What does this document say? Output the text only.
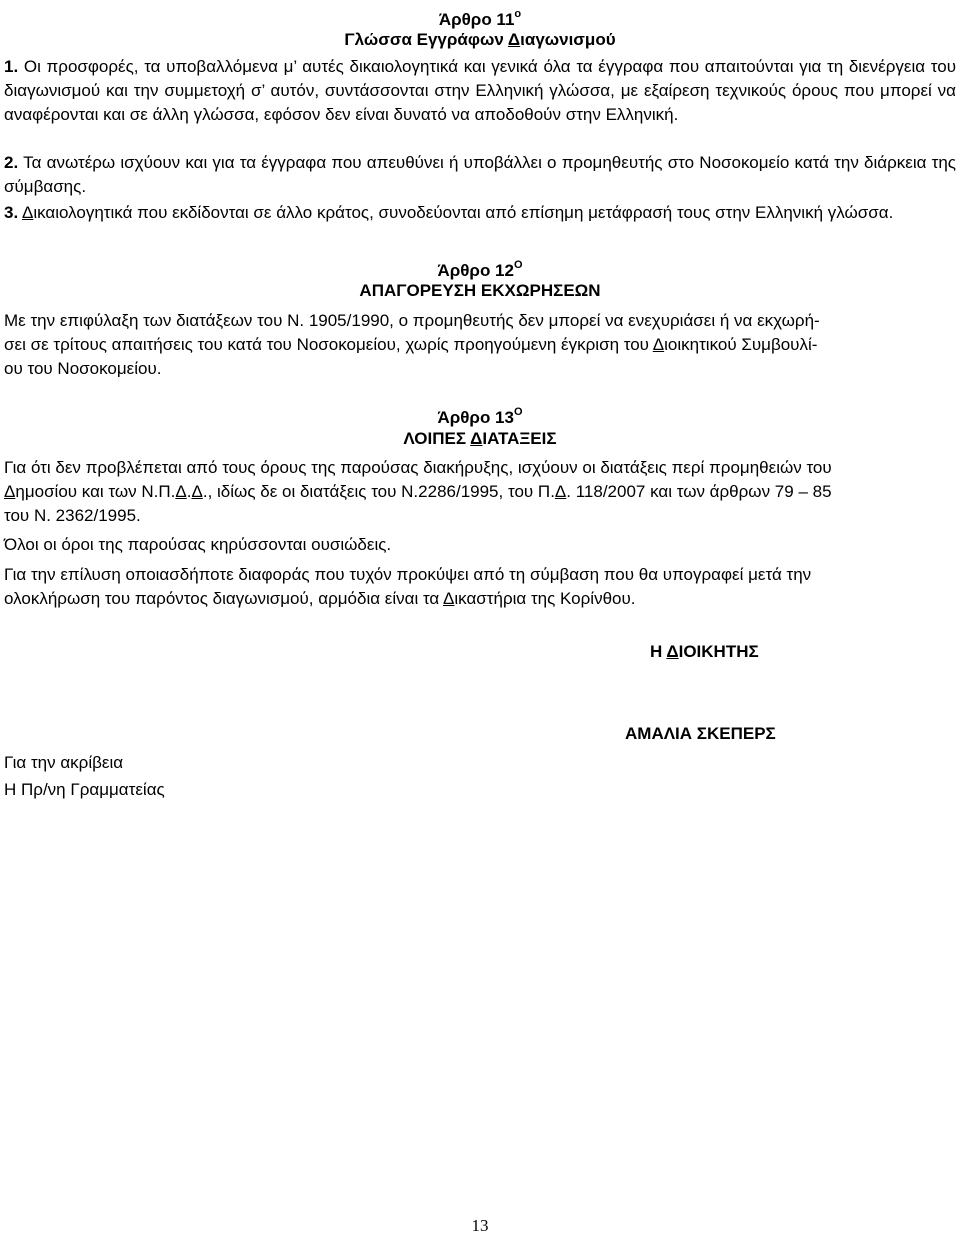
Άρθρο $11^o$
Γλώσσα Εγγράφων Διαγωνισμού

1. Οι προσφορές, τα υποβαλλόμενα μ’ αυτές δικαιολογητικά και γενικά όλα τα έγγραφα που απαιτούνται για τη διενέργεια του διαγωνισμού και την συμμετοχή σ’ αυτόν, συντάσσονται στην Ελληνική γλώσσα, με εξαίρεση τεχνικούς όρους που μπορεί να αναφέρονται και σε άλλη γλώσσα, εφόσον δεν είναι δυνατό να αποδοθούν στην Ελληνική.

2. Τα ανωτέρω ισχύουν και για τα έγγραφα που απευθύνει ή υποβάλλει ο προμηθευτής στο Νοσοκομείο κατά την διάρκεια της σύμβασης.

3. Δικαιολογητικά που εκδίδονται σε άλλο κράτος, συνοδεύονται από επίσημη μετάφρασή τους στην Ελληνική γλώσσα.

Άρθρο $12^O$
ΑΠΑΓΟΡΕΥΣΗ ΕΚΧΩΡΗΣΕΩΝ
Με την επιφύλαξη των διατάξεων του Ν. 1905/1990, ο προμηθευτής δεν μπορεί να ενεχυριάσει ή να εκχωρή-
σει σε τρίτους απαιτήσεις του κατά του Νοσοκομείου, χωρίς προηγούμενη έγκριση του Διοικητικού Συμβουλί-
ου του Νοσοκομείου.
Άρθρο $13^O$
ΛΟΙΠΕΣ ΔΙΑΤΑΞΕΙΣ
Για ότι δεν προβλέπεται από τους όρους της παρούσας διακήρυξης, ισχύουν οι διατάξεις περί προμηθειών του
Δημοσίου και των Ν.Π.Δ.Δ., ιδίως δε οι διατάξεις του Ν.2286/1995, του Π.Δ. 118/2007 και των άρθρων 79 – 85
του Ν. 2362/1995.
Όλοι οι όροι της παρούσας κηρύσσονται ουσιώδεις.
Για την επίλυση οποιασδήποτε διαφοράς που τυχόν προκύψει από τη σύμβαση που θα υπογραφεί μετά την
ολοκλήρωση του παρόντος διαγωνισμού, αρμόδια είναι τα Δικαστήρια της Κορίνθου.
Η ΔΙΟΙΚΗΤΗΣ
ΑΜΑΛΙΑ ΣΚΕΠΕΡΣ
Για την ακρίβεια
Η Πρ/νη Γραμματείας
13
